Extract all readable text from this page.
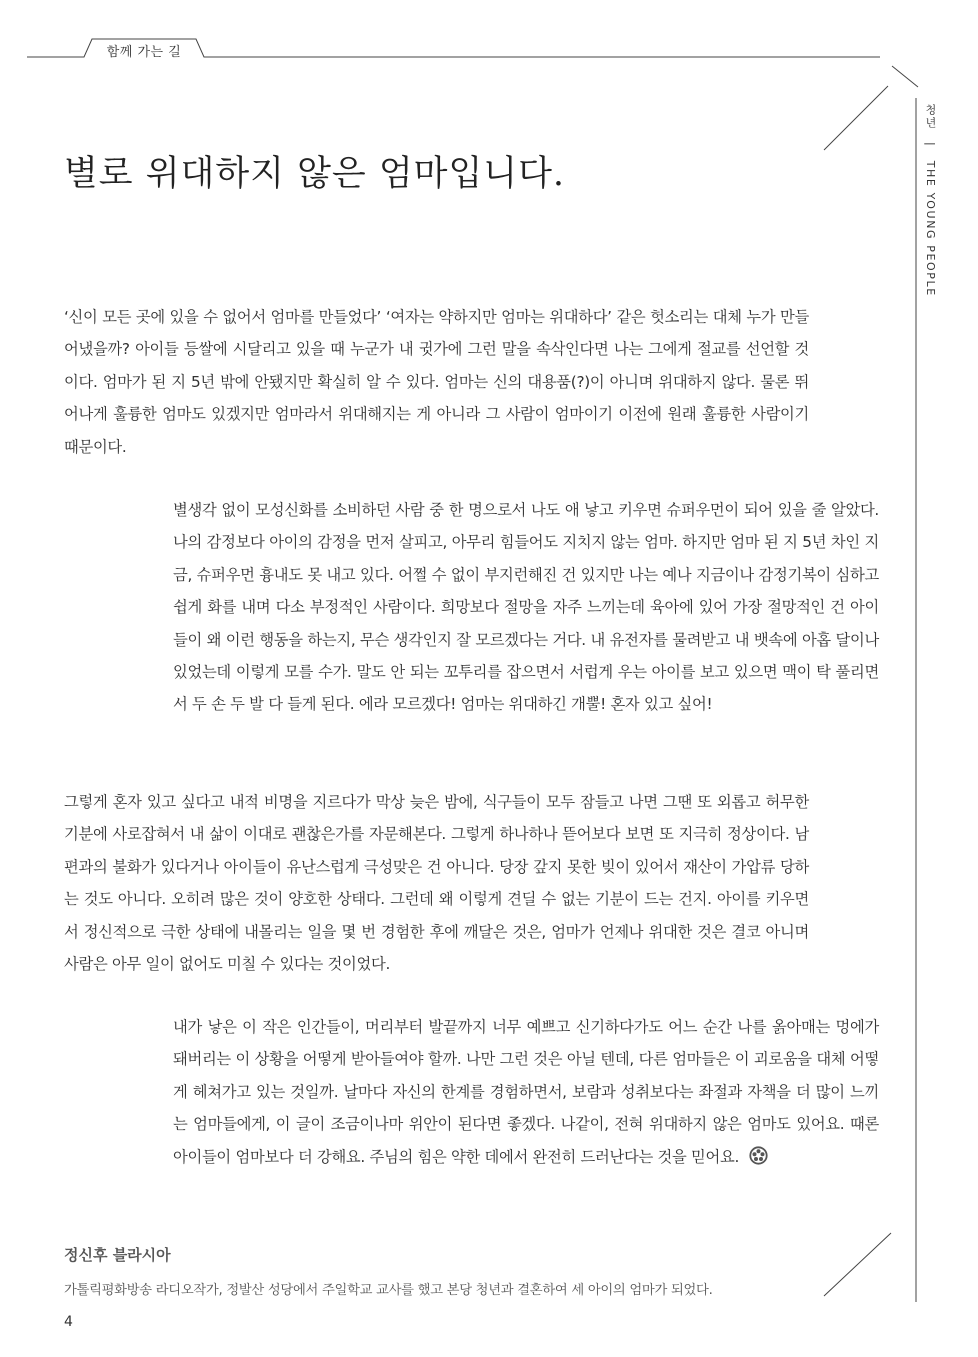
함께 가는 길
청년 | THE YOUNG PEOPLE
별로 위대하지 않은 엄마입니다.

‘신이 모든 곳에 있을 수 없어서 엄마를 만들었다’ ‘여자는 약하지만 엄마는 위대하다’ 같은 헛소리는 대체 누가 만들어냈을까? 아이들 등쌀에 시달리고 있을 때 누군가 내 귓가에 그런 말을 속삭인다면 나는 그에게 절교를 선언할 것이다. 엄마가 된 지 5년 밖에 안됐지만 확실히 알 수 있다. 엄마는 신의 대용품(?)이 아니며 위대하지 않다. 물론 뛰어나게 훌륭한 엄마도 있겠지만 엄마라서 위대해지는 게 아니라 그 사람이 엄마이기 이전에 원래 훌륭한 사람이기 때문이다.

별생각 없이 모성신화를 소비하던 사람 중 한 명으로서 나도 애 낳고 키우면 슈퍼우먼이 되어 있을 줄 알았다. 나의 감정보다 아이의 감정을 먼저 살피고, 아무리 힘들어도 지치지 않는 엄마. 하지만 엄마 된 지 5년 차인 지금, 슈퍼우먼 흉내도 못 내고 있다. 어쩔 수 없이 부지런해진 건 있지만 나는 예나 지금이나 감정기복이 심하고 쉽게 화를 내며 다소 부정적인 사람이다. 희망보다 절망을 자주 느끼는데 육아에 있어 가장 절망적인 건 아이들이 왜 이런 행동을 하는지, 무슨 생각인지 잘 모르겠다는 거다. 내 유전자를 물려받고 내 뱃속에 아홉 달이나 있었는데 이렇게 모를 수가. 말도 안 되는 꼬투리를 잡으면서 서럽게 우는 아이를 보고 있으면 맥이 탁 풀리면서 두 손 두 발 다 들게 된다. 에라 모르겠다! 엄마는 위대하긴 개뿔! 혼자 있고 싶어!

그렇게 혼자 있고 싶다고 내적 비명을 지르다가 막상 늦은 밤에, 식구들이 모두 잠들고 나면 그땐 또 외롭고 허무한 기분에 사로잡혀서 내 삶이 이대로 괜찮은가를 자문해본다. 그렇게 하나하나 뜯어보다 보면 또 지극히 정상이다. 남편과의 불화가 있다거나 아이들이 유난스럽게 극성맞은 건 아니다. 당장 갚지 못한 빚이 있어서 재산이 가압류 당하는 것도 아니다. 오히려 많은 것이 양호한 상태다. 그런데 왜 이렇게 견딜 수 없는 기분이 드는 건지. 아이를 키우면서 정신적으로 극한 상태에 내몰리는 일을 몇 번 경험한 후에 깨달은 것은, 엄마가 언제나 위대한 것은 결코 아니며 사람은 아무 일이 없어도 미칠 수 있다는 것이었다.

내가 낳은 이 작은 인간들이, 머리부터 발끝까지 너무 예쁘고 신기하다가도 어느 순간 나를 옭아매는 멍에가 돼버리는 이 상황을 어떻게 받아들여야 할까. 나만 그런 것은 아닐 텐데, 다른 엄마들은 이 괴로움을 대체 어떻게 헤쳐가고 있는 것일까. 날마다 자신의 한계를 경험하면서, 보람과 성취보다는 좌절과 자책을 더 많이 느끼는 엄마들에게, 이 글이 조금이나마 위안이 된다면 좋겠다. 나같이, 전혀 위대하지 않은 엄마도 있어요. 때론 아이들이 엄마보다 더 강해요. 주님의 힘은 약한 데에서 완전히 드러난다는 것을 믿어요.

정신후 블라시아

가톨릭평화방송 라디오작가, 정발산 성당에서 주일학교 교사를 했고 본당 청년과 결혼하여 세 아이의 엄마가 되었다.

4
